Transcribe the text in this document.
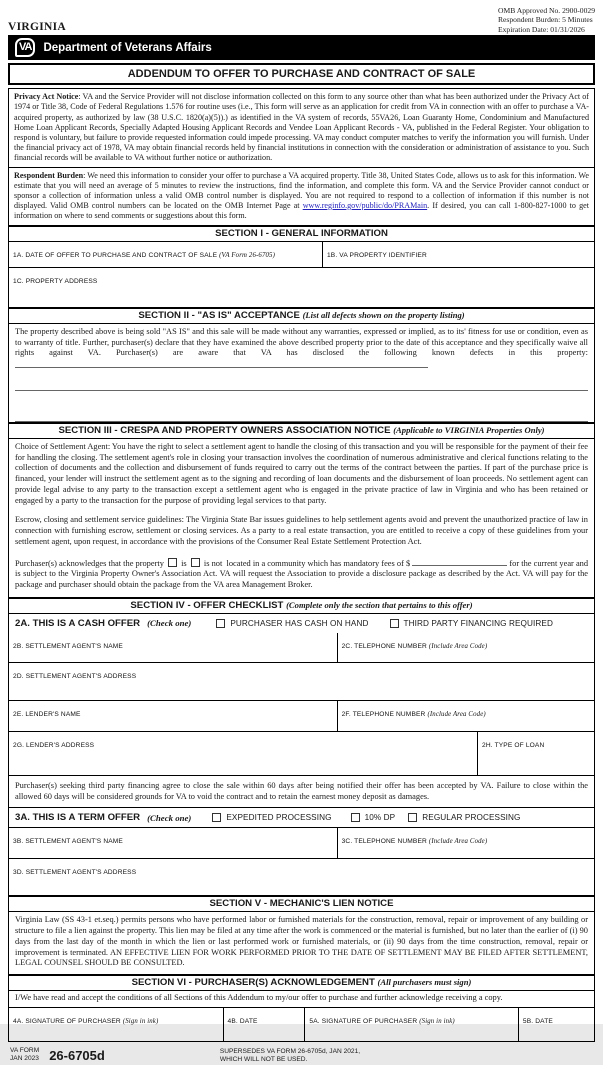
VIRGINIA
OMB Approved No. 2900-0029
Respondent Burden: 5 Minutes
Expiration Date: 01/31/2026
VA	Department of Veterans Affairs
ADDENDUM TO OFFER TO PURCHASE AND CONTRACT OF SALE
Privacy Act Notice: VA and the Service Provider will not disclose information collected on this form to any source other than what has been authorized under the Privacy Act of 1974 or Title 38, Code of Federal Regulations 1.576 for routine uses (i.e., This form will serve as an application for credit from VA in connection with an offer to purchase a VA-acquired property, as authorized by law (38 U.S.C. 1820(a)(5)).) as identified in the VA system of records, 55VA26, Loan Guaranty Home, Condominium and Manufactured Home Loan Applicant Records, Specially Adapted Housing Applicant Records and Vendee Loan Applicant Records - VA, published in the Federal Register. Your obligation to respond is voluntary, but failure to provide requested information could impede processing. VA may conduct computer matches to verify the information you will furnish. Under the financial privacy act of 1978, VA may obtain financial records held by financial institutions in connection with the consideration or administration of assistance to you. Such financial records will be available to VA without further notice or authorization.
Respondent Burden: We need this information to consider your offer to purchase a VA acquired property. Title 38, United States Code, allows us to ask for this information. We estimate that you will need an average of 5 minutes to review the instructions, find the information, and complete this form. VA and the Service Provider cannot conduct or sponsor a collection of information unless a valid OMB control number is displayed. You are not required to respond to a collection of information if this number is not displayed. Valid OMB control numbers can be located on the OMB Internet Page at www.reginfo.gov/public/do/PRAMain. If desired, you can call 1-800-827-1000 to get information on where to send comments or suggestions about this form.
SECTION I - GENERAL INFORMATION
1A. DATE OF OFFER TO PURCHASE AND CONTRACT OF SALE (VA Form 26-6705)	1B. VA PROPERTY IDENTIFIER
1C. PROPERTY ADDRESS
SECTION II - "AS IS" ACCEPTANCE (List all defects shown on the property listing)
The property described above is being sold "AS IS" and this sale will be made without any warranties, expressed or implied, as to its' fitness for use or condition, even as to warranty of title. Further, purchaser(s) declare that they have examined the above described property prior to the date of this acceptance and they specifically waive all rights against VA. Purchaser(s) are aware that VA has disclosed the following known defects in this property:
SECTION III - CRESPA AND PROPERTY OWNERS ASSOCIATION NOTICE (Applicable to VIRGINIA Properties Only)
Choice of Settlement Agent: You have the right to select a settlement agent to handle the closing of this transaction and you will be responsible for the payment of their fee for handling the closing. The settlement agent's role in closing your transaction involves the coordination of numerous administrative and clerical functions relating to the collection of documents and the collection and disbursement of funds required to carry out the terms of the contract between the parties. If part of the purchase price is financed, your lender will instruct the settlement agent as to the signing and recording of loan documents and the disbursement of loan proceeds. No settlement agent can provide legal advise to any party to the transaction except a settlement agent who is engaged in the private practice of law in Virginia and who has been retained or engaged by a party to the transaction for the purpose of providing legal services to that party.
Escrow, closing and settlement service guidelines: The Virginia State Bar issues guidelines to help settlement agents avoid and prevent the unauthorized practice of law in connection with furnishing escrow, settlement or closing services. As a party to a real estate transaction, you are entitled to receive a copy of these guidelines from your settlement agent, upon request, in accordance with the provisions of the Consumer Real Estate Settlement Protection Act.
Purchaser(s) acknowledges that the property is is not located in a community which has mandatory fees of $	for the current year and is subject to the Virginia Property Owner's Association Act. VA will request the Association to provide a disclosure package as described by the Act. VA will pay for the package and purchaser should obtain the package from the VA area Management Broker.
SECTION IV - OFFER CHECKLIST (Complete only the section that pertains to this offer)
2A. THIS IS A CASH OFFER (Check one)	PURCHASER HAS CASH ON HAND	THIRD PARTY FINANCING REQUIRED
2B. SETTLEMENT AGENT'S NAME	2C. TELEPHONE NUMBER (Include Area Code)
2D. SETTLEMENT AGENT'S ADDRESS
2E. LENDER'S NAME	2F. TELEPHONE NUMBER (Include Area Code)
2G. LENDER'S ADDRESS	2H. TYPE OF LOAN
Purchaser(s) seeking third party financing agree to close the sale within 60 days after being notified their offer has been accepted by VA. Failure to close within the allowed 60 days will be considered grounds for VA to void the contract and to retain the earnest money deposit as damages.
3A. THIS IS A TERM OFFER (Check one)	EXPEDITED PROCESSING	10% DP	REGULAR PROCESSING
3B. SETTLEMENT AGENT'S NAME	3C. TELEPHONE NUMBER (Include Area Code)
3D. SETTLEMENT AGENT'S ADDRESS
SECTION V - MECHANIC'S LIEN NOTICE
Virginia Law (SS 43-1 et.seq.) permits persons who have performed labor or furnished materials for the construction, removal, repair or improvement of any building or structure to file a lien against the property. This lien may be filed at any time after the work is commenced or the material is furnished, but no later than the earlier of (i) 90 days from the last day of the month in which the lien or last performed work or furnished materials, or (ii) 90 days from the time construction, removal, repair or improvement is terminated. AN EFFECTIVE LIEN FOR WORK PERFORMED PRIOR TO THE DATE OF SETTLEMENT MAY BE FILED AFTER SETTLEMENT, LEGAL COUNSEL SHOULD BE CONSULTED.
SECTION VI - PURCHASER(S) ACKNOWLEDGEMENT (All purchasers must sign)
I/We have read and accept the conditions of all Sections of this Addendum to my/our offer to purchase and further acknowledge receiving a copy.
4A. SIGNATURE OF PURCHASER (Sign in ink)	4B. DATE	5A. SIGNATURE OF PURCHASER (Sign in ink)	5B. DATE
VA FORM
JAN 2023 26-6705d	SUPERSEDES VA FORM 26-6705d, JAN 2021,
WHICH WILL NOT BE USED.
